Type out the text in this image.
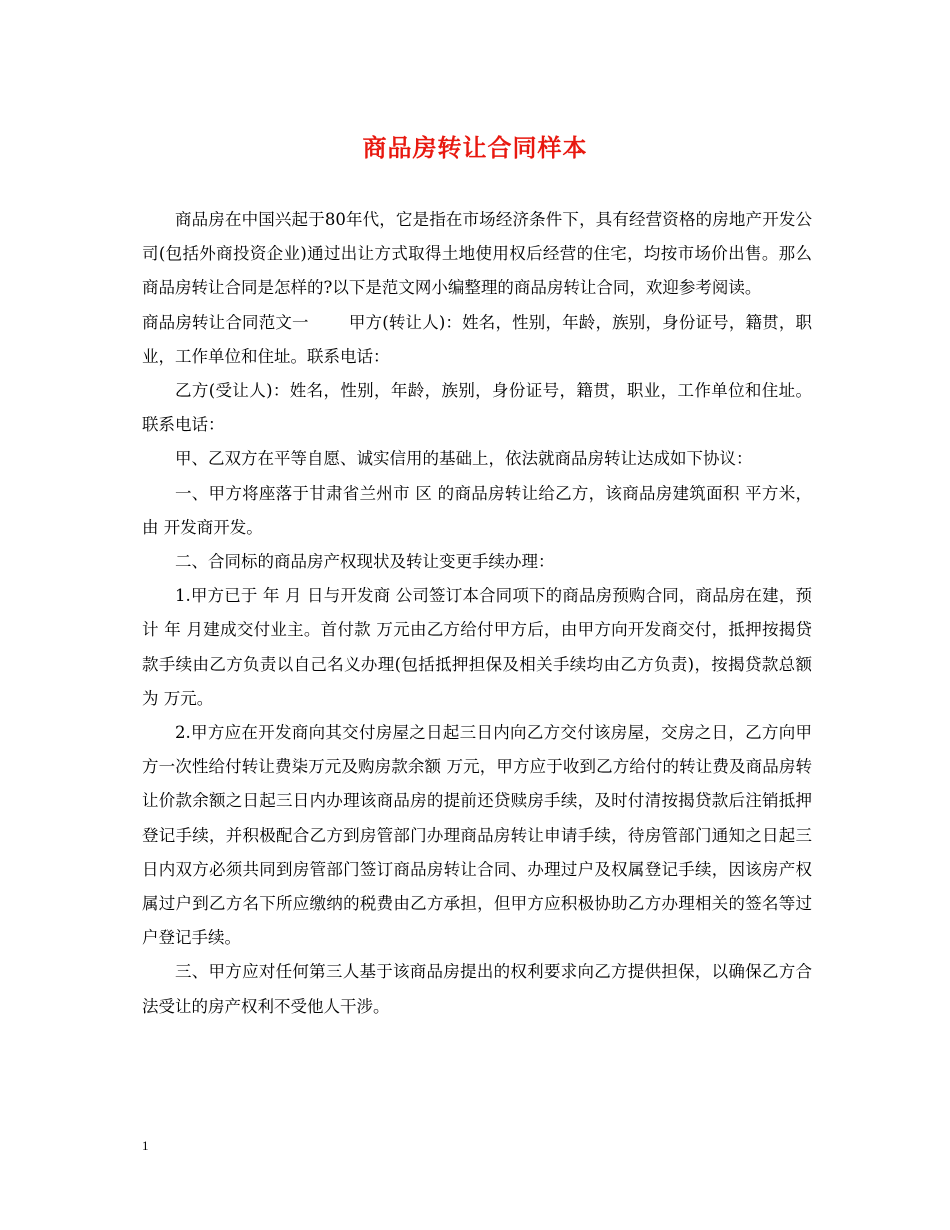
商品房转让合同样本

商品房在中国兴起于80年代，它是指在市场经济条件下，具有经营资格的房地产开发公司(包括外商投资企业)通过出让方式取得土地使用权后经营的住宅，均按市场价出售。那么商品房转让合同是怎样的?以下是范文网小编整理的商品房转让合同，欢迎参考阅读。

商品房转让合同范文一 甲方(转让人)：姓名，性别，年龄，族别，身份证号，籍贯，职业，工作单位和住址。联系电话：

乙方(受让人)：姓名，性别，年龄，族别，身份证号，籍贯，职业，工作单位和住址。联系电话：

甲、乙双方在平等自愿、诚实信用的基础上，依法就商品房转让达成如下协议：

一、甲方将座落于甘肃省兰州市 区 的商品房转让给乙方，该商品房建筑面积 平方米，由 开发商开发。

二、合同标的商品房产权现状及转让变更手续办理：

1.甲方已于 年 月 日与开发商 公司签订本合同项下的商品房预购合同，商品房在建，预计 年 月建成交付业主。首付款 万元由乙方给付甲方后，由甲方向开发商交付，抵押按揭贷款手续由乙方负责以自己名义办理(包括抵押担保及相关手续均由乙方负责)，按揭贷款总额为 万元。

2.甲方应在开发商向其交付房屋之日起三日内向乙方交付该房屋，交房之日，乙方向甲方一次性给付转让费柒万元及购房款余额 万元，甲方应于收到乙方给付的转让费及商品房转让价款余额之日起三日内办理该商品房的提前还贷赎房手续，及时付清按揭贷款后注销抵押登记手续，并积极配合乙方到房管部门办理商品房转让申请手续，待房管部门通知之日起三日内双方必须共同到房管部门签订商品房转让合同、办理过户及权属登记手续，因该房产权属过户到乙方名下所应缴纳的税费由乙方承担，但甲方应积极协助乙方办理相关的签名等过户登记手续。

三、甲方应对任何第三人基于该商品房提出的权利要求向乙方提供担保，以确保乙方合法受让的房产权利不受他人干涉。

1
